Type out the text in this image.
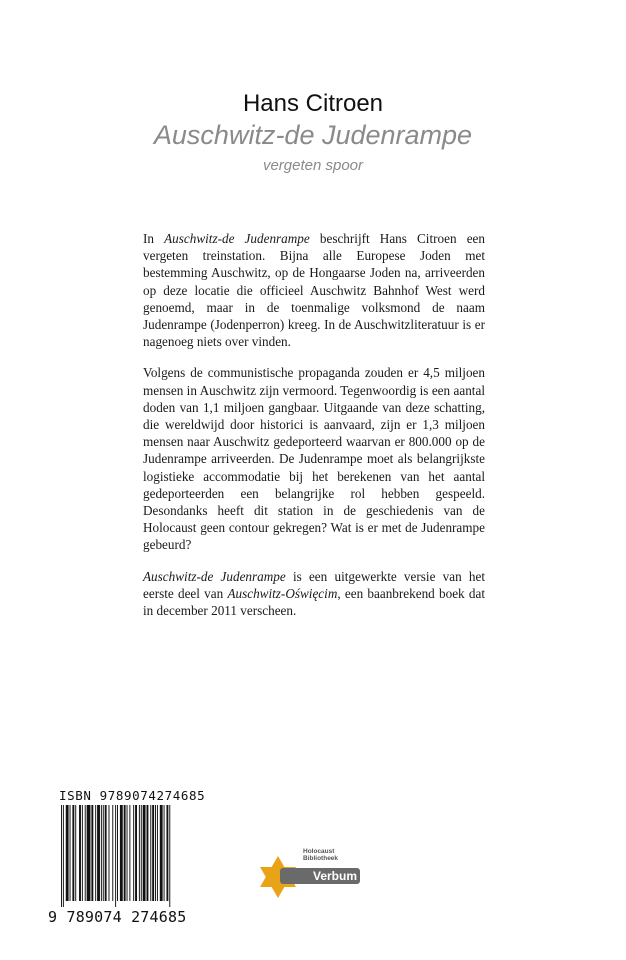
Hans Citroen
Auschwitz-de Judenrampe
vergeten spoor

In Auschwitz-de Judenrampe beschrijft Hans Citroen een vergeten treinstation. Bijna alle Europese Joden met bestemming Auschwitz, op de Hongaarse Joden na, arriveerden op deze locatie die officieel Auschwitz Bahnhof West werd genoemd, maar in de toenmalige volksmond de naam Judenrampe (Jodenperron) kreeg. In de Auschwitzliteratuur is er nagenoeg niets over vinden.

Volgens de communistische propaganda zouden er 4,5 miljoen mensen in Auschwitz zijn vermoord. Tegenwoordig is een aantal doden van 1,1 miljoen gangbaar. Uitgaande van deze schatting, die wereldwijd door historici is aanvaard, zijn er 1,3 miljoen mensen naar Auschwitz gedeporteerd waarvan er 800.000 op de Judenrampe arriveerden. De Judenrampe moet als belangrijkste logistieke accommodatie bij het berekenen van het aantal gedeporteerden een belangrijke rol hebben gespeeld. Desondanks heeft dit station in de geschiedenis van de Holocaust geen contour gekregen? Wat is er met de Judenrampe gebeurd?

Auschwitz-de Judenrampe is een uitgewerkte versie van het eerste deel van Auschwitz-Oświęcim, een baanbrekend boek dat in december 2011 verscheen.

ISBN 9789074274685
9 789074 274685
Holocaust
Bibliotheek
Verbum
